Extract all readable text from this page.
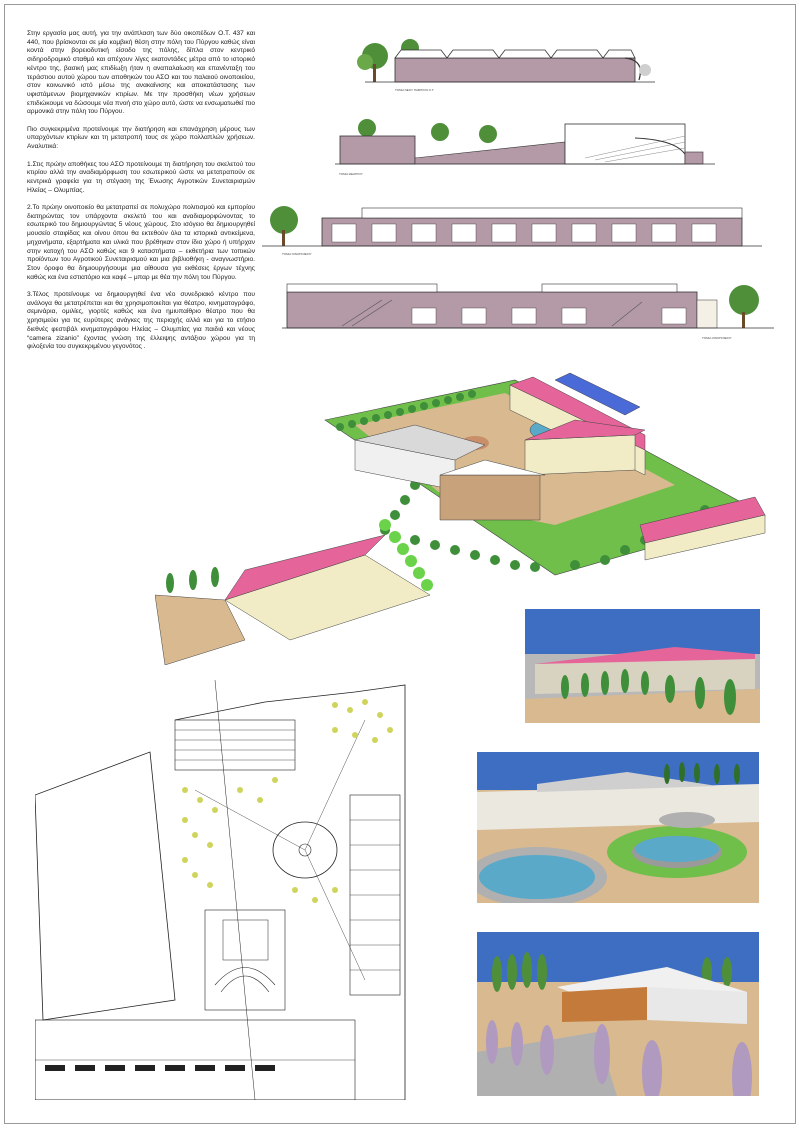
Στην εργασία μας αυτή, για την ανάπλαση των δύο οικοπέδων Ο.Τ. 437 και 440, που βρίσκονται σε μία κομβική θέση στην πόλη του Πύργου καθώς είναι κοντά στην βορειοδυτική είσοδο της πόλης, δίπλα στον κεντρικό σιδηροδρομικό σταθμό και απέχουν λίγες εκατοντάδες μέτρα από το ιστορικό κέντρο της, βασική μας επιδίωξη ήταν η αναπαλαίωση και επανένταξη του τεράστιου αυτού χώρου των αποθηκών του ΑΣΟ και του παλαιού οινοποιείου, στον κοινωνικό ιστό μέσω της ανακαίνισης και αποκατάστασης των υφιστάμενων βιομηχανικών κτιρίων. Με την προσθήκη νέων χρήσεων επιδιώκουμε να δώσουμε νέα πνοή στο χώρο αυτό, ώστε να ενσωματωθεί πιο αρμονικά στην πόλη του Πύργου.

Πιο συγκεκριμένα προτείνουμε την διατήρηση και επανάχρηση μέρους των υπαρχόντων κτιρίων και τη μετατροπή τους σε χώρο πολλαπλών χρήσεων. Αναλυτικά:

1.Στις πρώην αποθήκες του ΑΣΟ προτείνουμε τη διατήρηση του σκελετού του κτιρίου αλλά την αναδιαμόρφωση του εσωτερικού ώστε να μετατραπούν σε κεντρικά γραφεία για τη στέγαση της Ένωσης Αγροτικών Συνεταιρισμών Ηλείας – Ολυμπίας.

2.Το πρώην οινοποιείο θα μετατραπεί σε πολυχώρο πολιτισμού και εμπορίου διατηρώντας τον υπάρχοντα σκελετό του και αναδιαμορφώνοντας το εσωτερικό του δημιουργώντας 5 νέους χώρους. Στο ισόγειο θα δημιουργηθεί μουσείο σταφίδας και οίνου όπου θα εκτεθούν όλα τα ιστορικά αντικείμενα, μηχανήματα, εξαρτήματα και υλικά που βρέθηκαν στον ίδιο χώρο ή υπήρχαν στην κατοχή του ΑΣΟ καθώς και 9 καταστήματα – εκθετήρια των τοπικών προϊόντων του Αγροτικού Συνεταιρισμού και μια βιβλιοθήκη - αναγνωστήριο. Στον όροφο θα δημιουργήσουμε μια αίθουσα για εκθέσεις έργων τέχνης καθώς και ένα εστιατόριο και καφέ – μπαρ με θέα την πόλη του Πύργου.

3.Τέλος προτείνουμε να δημιουργηθεί ένα νέο συνεδριακό κέντρο που ανάλογα θα μετατρέπεται και θα χρησιμοποιείται για θέατρο, κινηματογράφο, σεμινάρια, ομιλίες, γιορτές καθώς και ένα ημιυπαίθριο θέατρο που θα χρησιμεύει για τις ευρύτερες ανάγκες της περιοχής αλλά και για το ετήσιο διεθνές φεστιβάλ κινηματογράφου Ηλείας – Ολυμπίας για παιδιά και νέους “camera zizanio” έχοντας γνώση της έλλειψης αντάξιου χώρου για τη φιλοξενία του συγκεκριμένου γεγονότος .

ΤΟΜΗ ΝΕΟΥ ΠΑΒΙΓΙΟΝ Ο.Τ.
ΤΟΜΗ ΘΕΑΤΡΟΥ
ΤΟΜΗ ΟΙΝΟΠΟΙΕΙΟΥ
ΤΟΜΗ ΟΙΝΟΠΟΙΕΙΟΥ
